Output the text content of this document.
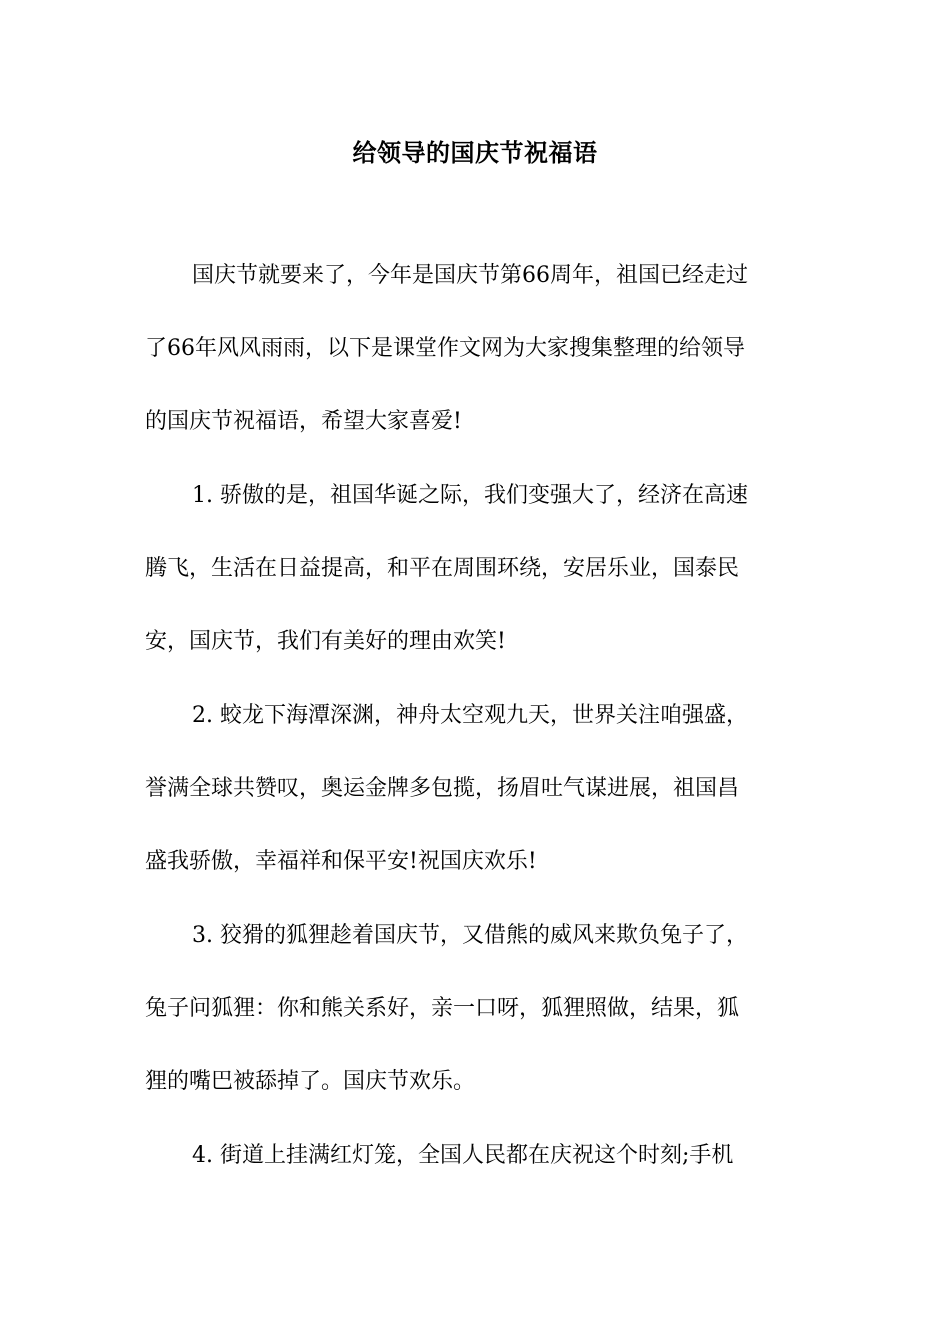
给领导的国庆节祝福语
国庆节就要来了，今年是国庆节第66周年，祖国已经走过
了66年风风雨雨，以下是课堂作文网为大家搜集整理的给领导
的国庆节祝福语，希望大家喜爱!
1. 骄傲的是，祖国华诞之际，我们变强大了，经济在高速
腾飞，生活在日益提高，和平在周围环绕，安居乐业，国泰民
安，国庆节，我们有美好的理由欢笑!
2. 蛟龙下海潭深渊，神舟太空观九天，世界关注咱强盛，
誉满全球共赞叹，奥运金牌多包揽，扬眉吐气谋进展，祖国昌
盛我骄傲，幸福祥和保平安!祝国庆欢乐!
3. 狡猾的狐狸趁着国庆节，又借熊的威风来欺负兔子了，
兔子问狐狸：你和熊关系好，亲一口呀，狐狸照做，结果，狐
狸的嘴巴被舔掉了。国庆节欢乐。
4. 街道上挂满红灯笼，全国人民都在庆祝这个时刻;手机
